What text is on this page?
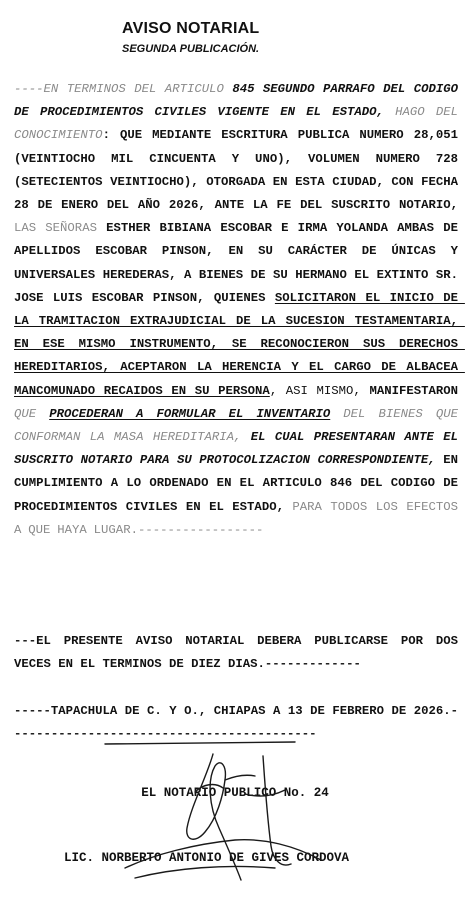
AVISO NOTARIAL
SEGUNDA PUBLICACIÓN.
----EN TERMINOS DEL ARTICULO 845 SEGUNDO PARRAFO DEL CODIGO DE PROCEDIMIENTOS CIVILES VIGENTE EN EL ESTADO, HAGO DEL CONOCIMIENTO: QUE MEDIANTE ESCRITURA PUBLICA NUMERO 28,051 (VEINTIOCHO MIL CINCUENTA Y UNO), VOLUMEN NUMERO 728 (SETECIENTOS VEINTIOCHO), OTORGADA EN ESTA CIUDAD, CON FECHA 28 DE ENERO DEL AÑO 2026, ANTE LA FE DEL SUSCRITO NOTARIO, LAS SEÑORAS ESTHER BIBIANA ESCOBAR E IRMA YOLANDA AMBAS DE APELLIDOS ESCOBAR PINSON, EN SU CARÁCTER DE ÚNICAS Y UNIVERSALES HEREDERAS, A BIENES DE SU HERMANO EL EXTINTO SR. JOSE LUIS ESCOBAR PINSON, QUIENES SOLICITARON EL INICIO DE LA TRAMITACION EXTRAJUDICIAL DE LA SUCESION TESTAMENTARIA, EN ESE MISMO INSTRUMENTO, SE RECONOCIERON SUS DERECHOS HEREDITARIOS, ACEPTARON LA HERENCIA Y EL CARGO DE ALBACEA MANCOMUNADO RECAIDOS EN SU PERSONA, ASI MISMO, MANIFESTARON QUE PROCEDERAN A FORMULAR EL INVENTARIO DEL BIENES QUE CONFORMAN LA MASA HEREDITARIA, EL CUAL PRESENTARAN ANTE EL SUSCRITO NOTARIO PARA SU PROTOCOLIZACION CORRESPONDIENTE, EN CUMPLIMIENTO A LO ORDENADO EN EL ARTICULO 846 DEL CODIGO DE PROCEDIMIENTOS CIVILES EN EL ESTADO, PARA TODOS LOS EFECTOS A QUE HAYA LUGAR.-----------------
---EL PRESENTE AVISO NOTARIAL DEBERA PUBLICARSE POR DOS VECES EN EL TERMINOS DE DIEZ DIAS.-------------
-----TAPACHULA DE C. Y O., CHIAPAS A 13 DE FEBRERO DE 2026.------------------------------------------
EL NOTARIO PUBLICO No. 24
LIC. NORBERTO ANTONIO DE GIVES CORDOVA
